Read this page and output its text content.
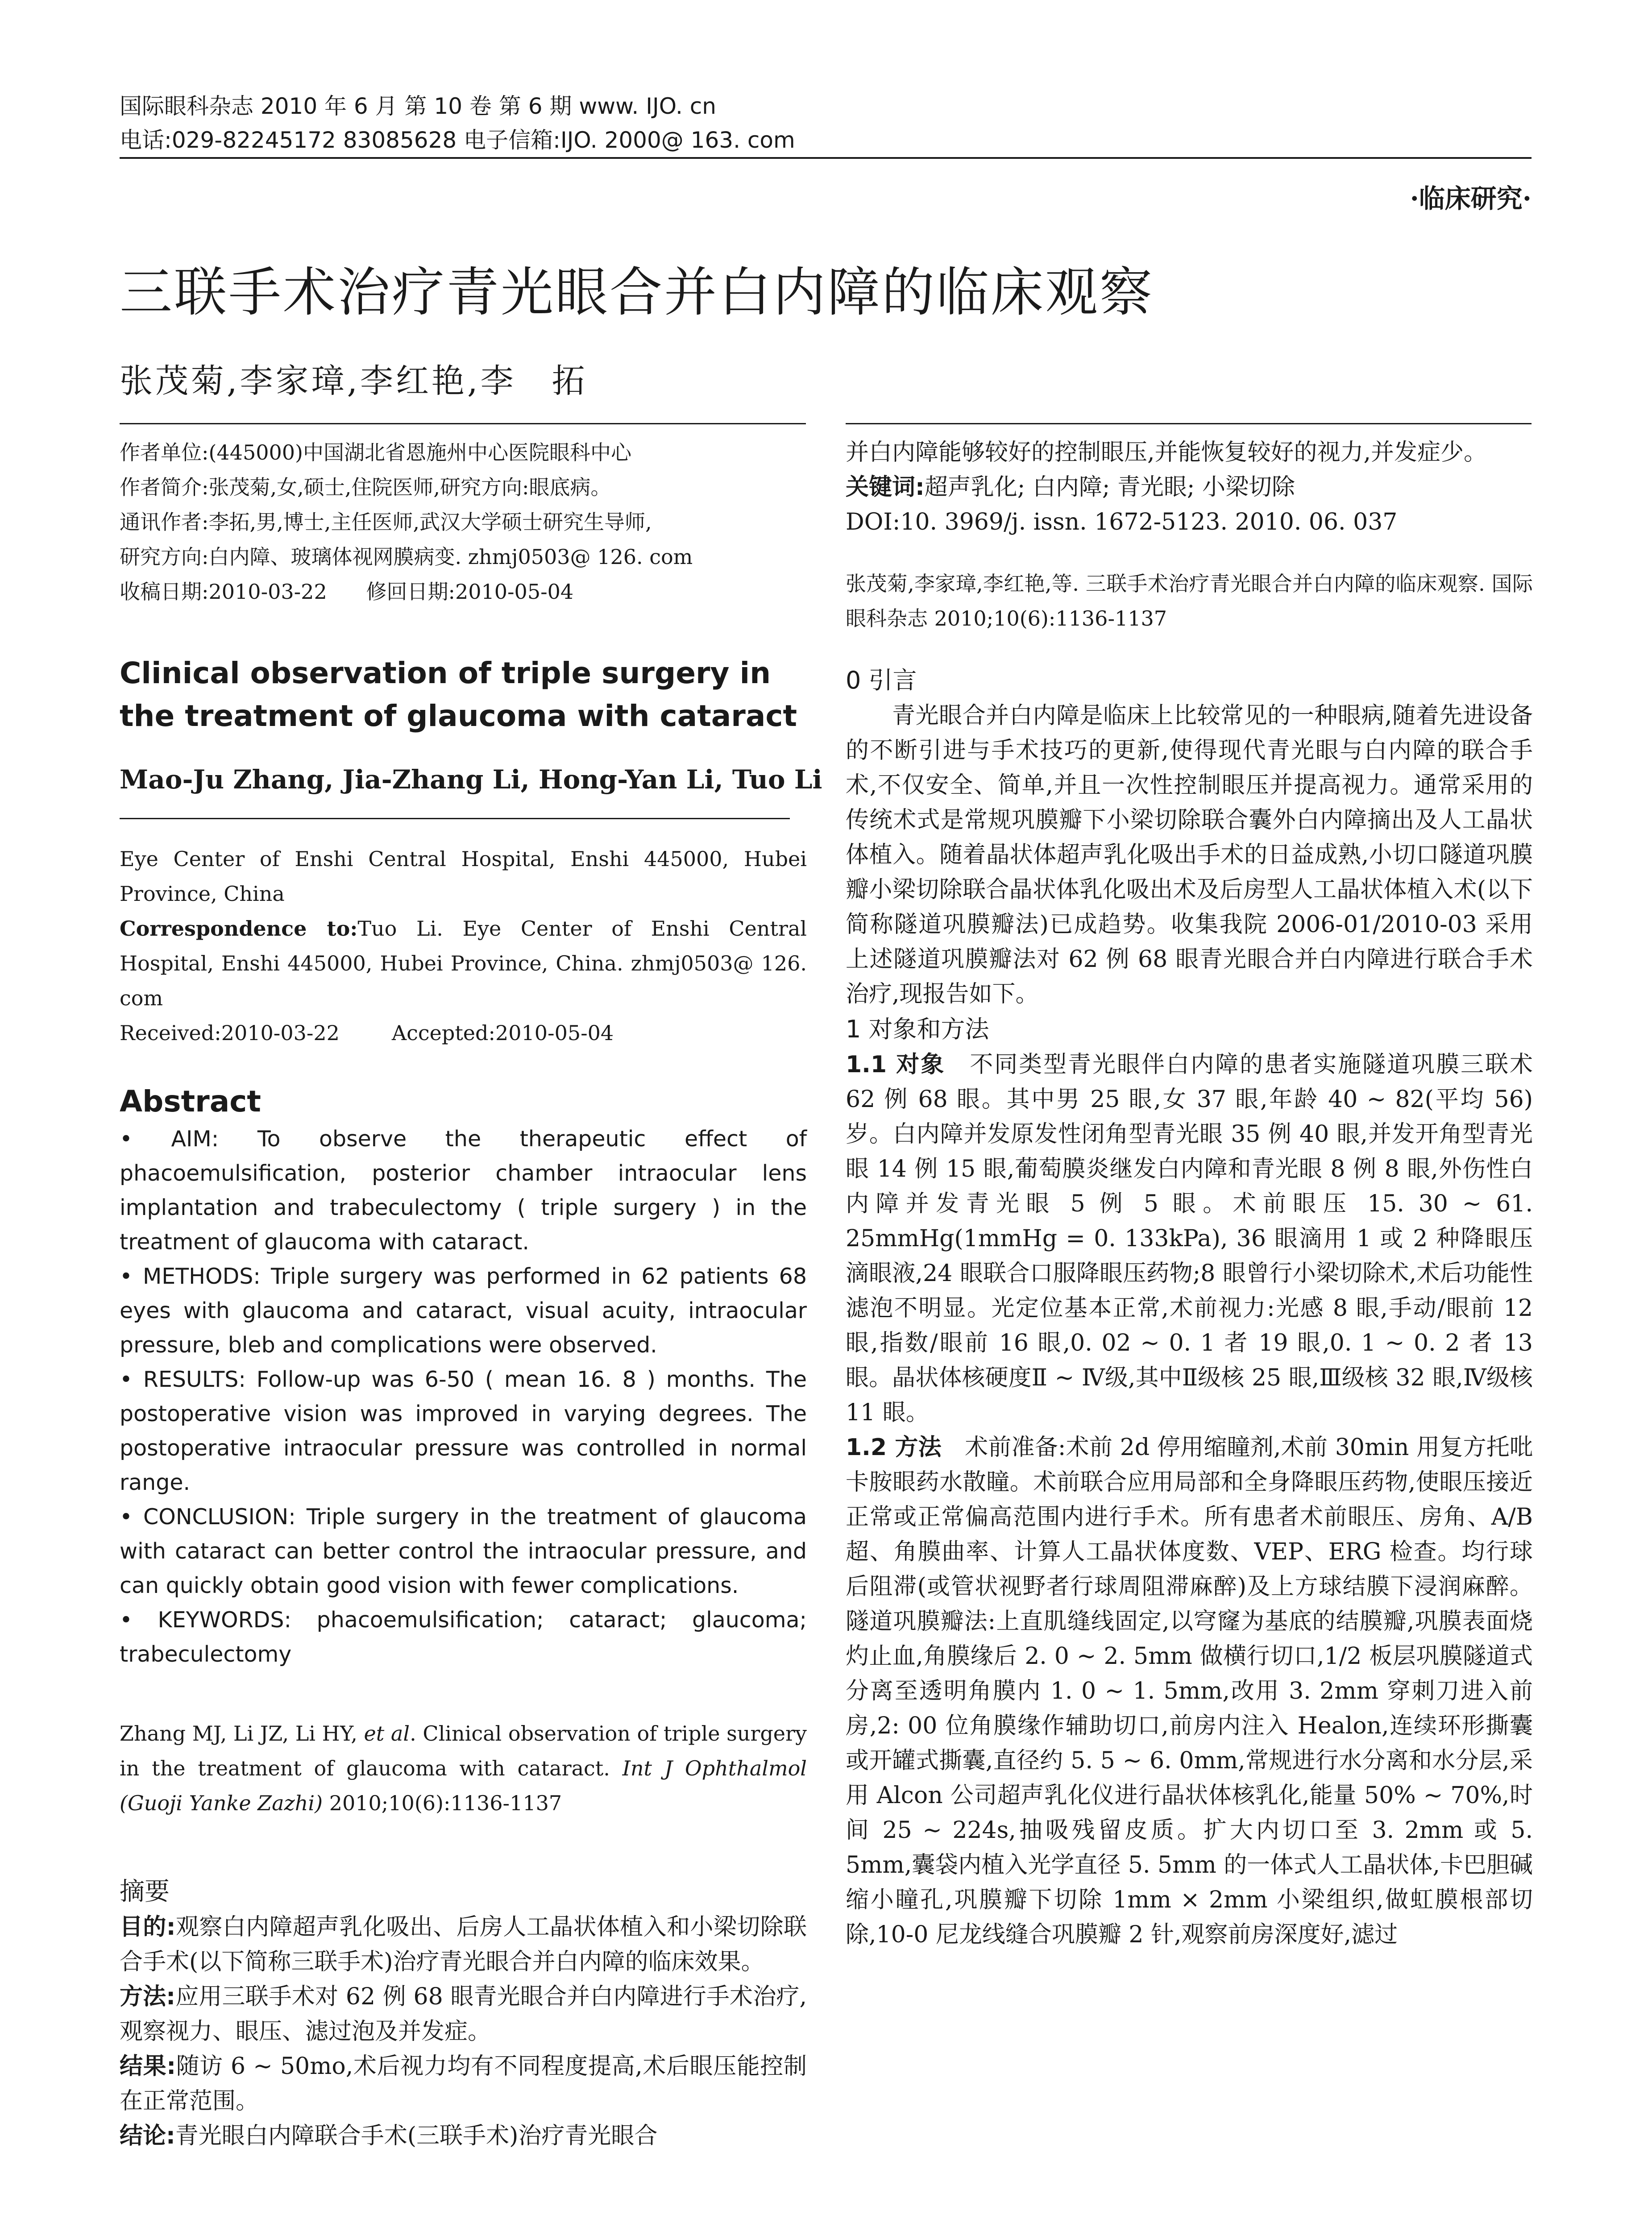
国际眼科杂志 2010 年 6 月 第 10 卷 第 6 期 www. IJO. cn
电话:029-82245172 83085628 电子信箱:IJO. 2000@ 163. com
·临床研究·
三联手术治疗青光眼合并白内障的临床观察
张茂菊,李家璋,李红艳,李　拓
作者单位:(445000)中国湖北省恩施州中心医院眼科中心
作者简介:张茂菊,女,硕士,住院医师,研究方向:眼底病。
通讯作者:李拓,男,博士,主任医师,武汉大学硕士研究生导师,
研究方向:白内障、玻璃体视网膜病变. zhmj0503@ 126. com
收稿日期:2010-03-22      修回日期:2010-05-04
Clinical observation of triple surgery in the treatment of glaucoma with cataract
Mao-Ju Zhang, Jia-Zhang Li, Hong-Yan Li, Tuo Li
Eye Center of Enshi Central Hospital, Enshi 445000, Hubei Province, China
Correspondence to:Tuo Li. Eye Center of Enshi Central Hospital, Enshi 445000, Hubei Province, China. zhmj0503@ 126. com
Received:2010-03-22        Accepted:2010-05-04
Abstract
• AIM: To observe the therapeutic effect of phacoemulsification, posterior chamber intraocular lens implantation and trabeculectomy ( triple surgery ) in the treatment of glaucoma with cataract.
• METHODS: Triple surgery was performed in 62 patients 68 eyes with glaucoma and cataract, visual acuity, intraocular pressure, bleb and complications were observed.
• RESULTS: Follow-up was 6-50 ( mean 16. 8 ) months. The postoperative vision was improved in varying degrees. The postoperative intraocular pressure was controlled in normal range.
• CONCLUSION: Triple surgery in the treatment of glaucoma with cataract can better control the intraocular pressure, and can quickly obtain good vision with fewer complications.
• KEYWORDS: phacoemulsification; cataract; glaucoma; trabeculectomy
Zhang MJ, Li JZ, Li HY, et al. Clinical observation of triple surgery in the treatment of glaucoma with cataract. Int J Ophthalmol (Guoji Yanke Zazhi) 2010;10(6):1136-1137
摘要
目的:观察白内障超声乳化吸出、后房人工晶状体植入和小梁切除联合手术(以下简称三联手术)治疗青光眼合并白内障的临床效果。
方法:应用三联手术对 62 例 68 眼青光眼合并白内障进行手术治疗,观察视力、眼压、滤过泡及并发症。
结果:随访 6 ~ 50mo,术后视力均有不同程度提高,术后眼压能控制在正常范围。
结论:青光眼白内障联合手术(三联手术)治疗青光眼合
并白内障能够较好的控制眼压,并能恢复较好的视力,并发症少。
关键词:超声乳化; 白内障; 青光眼; 小梁切除
DOI:10. 3969/j. issn. 1672-5123. 2010. 06. 037
张茂菊,李家璋,李红艳,等. 三联手术治疗青光眼合并白内障的临床观察. 国际眼科杂志 2010;10(6):1136-1137
0 引言
青光眼合并白内障是临床上比较常见的一种眼病,随着先进设备的不断引进与手术技巧的更新,使得现代青光眼与白内障的联合手术,不仅安全、简单,并且一次性控制眼压并提高视力。通常采用的传统术式是常规巩膜瓣下小梁切除联合囊外白内障摘出及人工晶状体植入。随着晶状体超声乳化吸出手术的日益成熟,小切口隧道巩膜瓣小梁切除联合晶状体乳化吸出术及后房型人工晶状体植入术(以下简称隧道巩膜瓣法)已成趋势。收集我院 2006-01/2010-03 采用上述隧道巩膜瓣法对 62 例 68 眼青光眼合并白内障进行联合手术治疗,现报告如下。
1 对象和方法
1.1 对象　 不同类型青光眼伴白内障的患者实施隧道巩膜三联术 62 例 68 眼。其中男 25 眼,女 37 眼,年龄 40 ~ 82(平均 56)岁。白内障并发原发性闭角型青光眼 35 例 40 眼,并发开角型青光眼 14 例 15 眼,葡萄膜炎继发白内障和青光眼 8 例 8 眼,外伤性白内障并发青光眼 5 例 5 眼。术前眼压 15. 30 ~ 61. 25mmHg(1mmHg = 0. 133kPa), 36 眼滴用 1 或 2 种降眼压滴眼液,24 眼联合口服降眼压药物;8 眼曾行小梁切除术,术后功能性滤泡不明显。光定位基本正常,术前视力:光感 8 眼,手动/眼前 12 眼,指数/眼前 16 眼,0. 02 ~ 0. 1 者 19 眼,0. 1 ~ 0. 2 者 13 眼。晶状体核硬度Ⅱ ~ Ⅳ级,其中Ⅱ级核 25 眼,Ⅲ级核 32 眼,Ⅳ级核 11 眼。
1.2 方法　 术前准备:术前 2d 停用缩瞳剂,术前 30min 用复方托吡卡胺眼药水散瞳。术前联合应用局部和全身降眼压药物,使眼压接近正常或正常偏高范围内进行手术。所有患者术前眼压、房角、A/B 超、角膜曲率、计算人工晶状体度数、VEP、ERG 检查。均行球后阻滞(或管状视野者行球周阻滞麻醉)及上方球结膜下浸润麻醉。隧道巩膜瓣法:上直肌缝线固定,以穹窿为基底的结膜瓣,巩膜表面烧灼止血,角膜缘后 2. 0 ~ 2. 5mm 做横行切口,1/2 板层巩膜隧道式分离至透明角膜内 1. 0 ~ 1. 5mm,改用 3. 2mm 穿刺刀进入前房,2: 00 位角膜缘作辅助切口,前房内注入 Healon,连续环形撕囊或开罐式撕囊,直径约 5. 5 ~ 6. 0mm,常规进行水分离和水分层,采用 Alcon 公司超声乳化仪进行晶状体核乳化,能量 50% ~ 70%,时间 25 ~ 224s,抽吸残留皮质。扩大内切口至 3. 2mm 或 5. 5mm,囊袋内植入光学直径 5. 5mm 的一体式人工晶状体,卡巴胆碱缩小瞳孔,巩膜瓣下切除 1mm × 2mm 小梁组织,做虹膜根部切除,10-0 尼龙线缝合巩膜瓣 2 针,观察前房深度好,滤过
